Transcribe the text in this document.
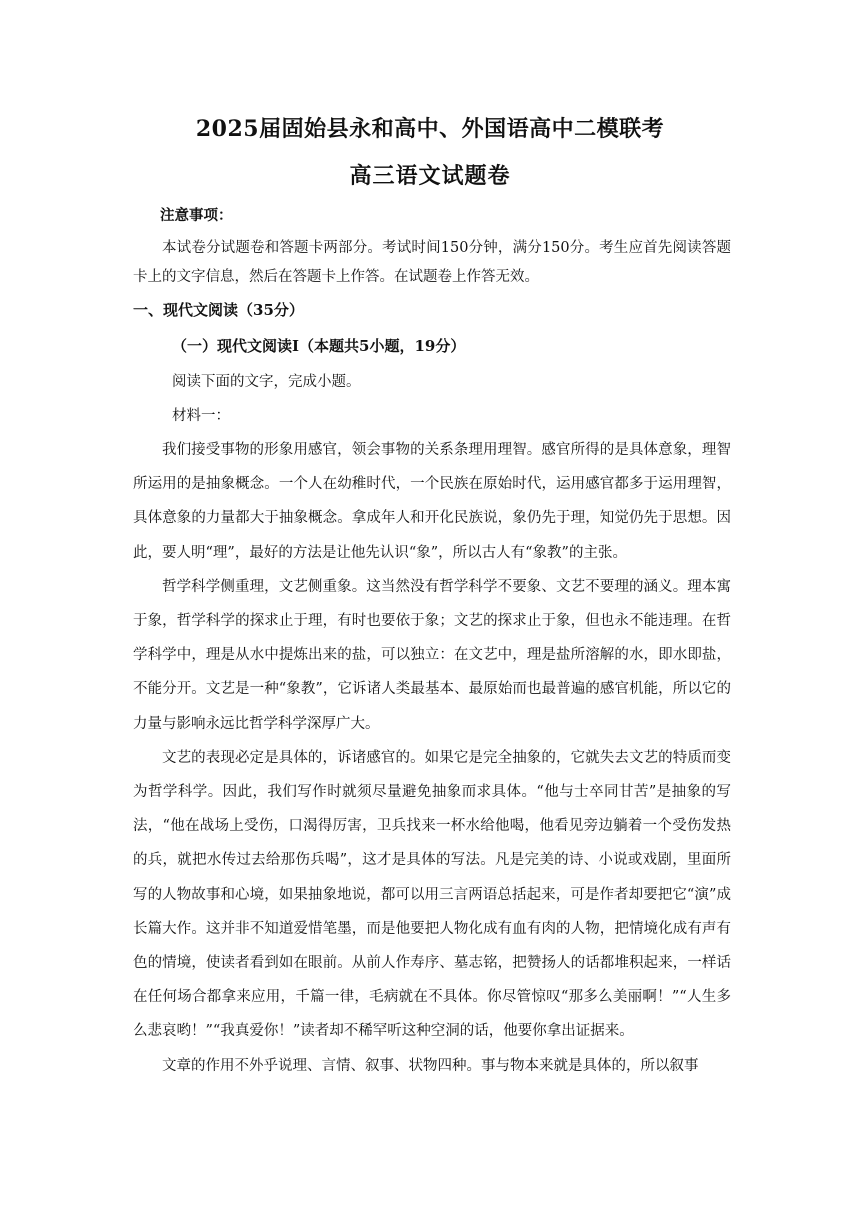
2025届固始县永和高中、外国语高中二模联考
高三语文试题卷
注意事项：
本试卷分试题卷和答题卡两部分。考试时间150分钟，满分150分。考生应首先阅读答题卡上的文字信息，然后在答题卡上作答。在试题卷上作答无效。
一、现代文阅读（35分）
（一）现代文阅读Ⅰ（本题共5小题，19分）
阅读下面的文字，完成小题。
材料一：

我们接受事物的形象用感官，领会事物的关系条理用理智。感官所得的是具体意象，理智所运用的是抽象概念。一个人在幼稚时代，一个民族在原始时代，运用感官都多于运用理智，具体意象的力量都大于抽象概念。拿成年人和开化民族说，象仍先于理，知觉仍先于思想。因此，要人明“理”，最好的方法是让他先认识“象”，所以古人有“象教”的主张。

哲学科学侧重理，文艺侧重象。这当然没有哲学科学不要象、文艺不要理的涵义。理本寓于象，哲学科学的探求止于理，有时也要依于象；文艺的探求止于象，但也永不能违理。在哲学科学中，理是从水中提炼出来的盐，可以独立：在文艺中，理是盐所溶解的水，即水即盐，不能分开。文艺是一种“象教”，它诉诸人类最基本、最原始而也最普遍的感官机能，所以它的力量与影响永远比哲学科学深厚广大。

文艺的表现必定是具体的，诉诸感官的。如果它是完全抽象的，它就失去文艺的特质而变为哲学科学。因此，我们写作时就须尽量避免抽象而求具体。“他与士卒同甘苦”是抽象的写法，“他在战场上受伤，口渴得厉害，卫兵找来一杯水给他喝，他看见旁边躺着一个受伤发热的兵，就把水传过去给那伤兵喝”，这才是具体的写法。凡是完美的诗、小说或戏剧，里面所写的人物故事和心境，如果抽象地说，都可以用三言两语总括起来，可是作者却要把它“演”成长篇大作。这并非不知道爱惜笔墨，而是他要把人物化成有血有肉的人物，把情境化成有声有色的情境，使读者看到如在眼前。从前人作寿序、墓志铭，把赞扬人的话都堆积起来，一样话在任何场合都拿来应用，千篇一律，毛病就在不具体。你尽管惊叹“那多么美丽啊！”“人生多么悲哀哟！”“我真爱你！”读者却不稀罕听这种空洞的话，他要你拿出证据来。

文章的作用不外乎说理、言情、叙事、状物四种。事与物本来就是具体的，所以叙事
